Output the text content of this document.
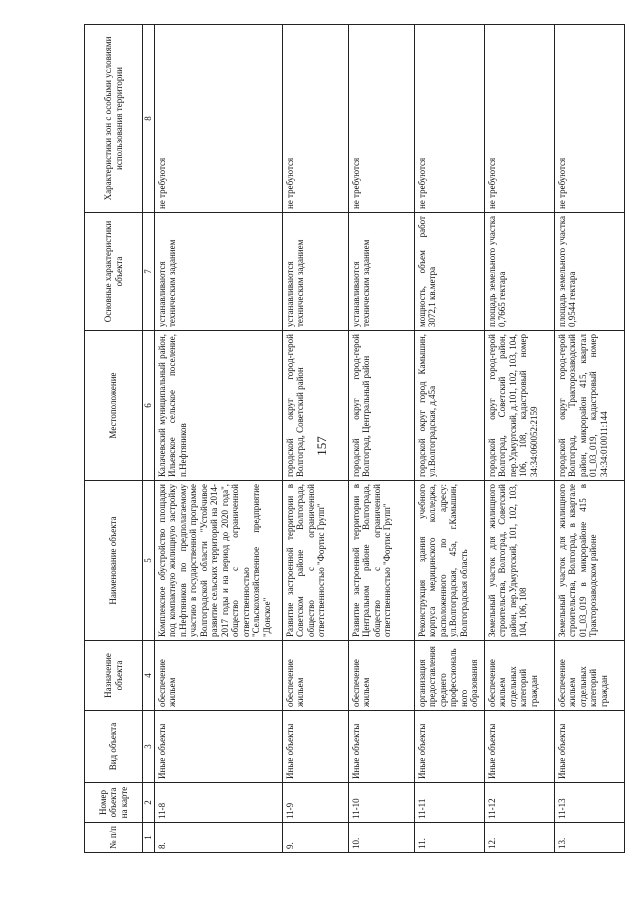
157
№ п/п	Номер объекта на карте	Вид объекта	Назначение объекта	Наименование объекта	Местоположение	Основные характеристики объекта	Характеристики зон с особыми условиями использования территории
1	2	3	4	5	6	7	8
8.	11-8	Иные объекты	обеспечение жильем	Комплексное обустройство площадки под компактную жилищную застройку п.Нефтяников по предполагаемому участию в государственной программе Волгоградской области "Устойчивое развитие сельских территорий на 2014-2017 годы и на период до 2020 года", общество с ограниченной ответственностью "Сельскохозяйственное предприятие "Донское"	Калачевский муниципальный район, Ильевское сельское поселение, п.Нефтяников	устанавливаются техническим заданием	не требуются
9.	11-9	Иные объекты	обеспечение жильем	Развитие застроенной территории в Советском районе Волгограда, общество с ограниченной ответственностью "Фортис Групп"	городской округ город-герой Волгоград, Советский район	устанавливаются техническим заданием	не требуются
10.	11-10	Иные объекты	обеспечение жильем	Развитие застроенной территории в Центральном районе Волгограда, общество с ограниченной ответственностью "Фортис Групп"	городской округ город-герой Волгоград, Центральный район	устанавливаются техническим заданием	не требуются
11.	11-11	Иные объекты	организация предоставления среднего профессионального образования	Реконструкция здания учебного корпуса медицинского колледжа, расположенного по адресу: ул.Волгоградская, 45а, г.Камышин, Волгоградская область	городской округ город Камышин, ул.Волгоградская, д.45а	мощность, объем работ 3072,1 кв.метра	не требуются
12.	11-12	Иные объекты	обеспечение жильем отдельных категорий граждан	Земельный участок для жилищного строительства, Волгоград, Советский район, пер.Удмуртский, 101, 102, 103, 104, 106, 108	городской округ город-герой Волгоград, Советский район, пер.Удмуртский, д.101, 102, 103, 104, 106, 108, кадастровый номер 34:34:060052:2159	площадь земельного участка 0,7665 гектара	не требуются
13.	11-13	Иные объекты	обеспечение жильем отдельных категорий граждан	Земельный участок для жилищного строительства, Волгоград, в квартале 01_03_019 в микрорайоне 415 в Тракторозаводском районе	городской округ город-герой Волгоград, Тракторозаводский район, микрорайон 415, квартал 01_03_019, кадастровый номер 34:34:010011:144	площадь земельного участка 0,9544 гектара	не требуются
